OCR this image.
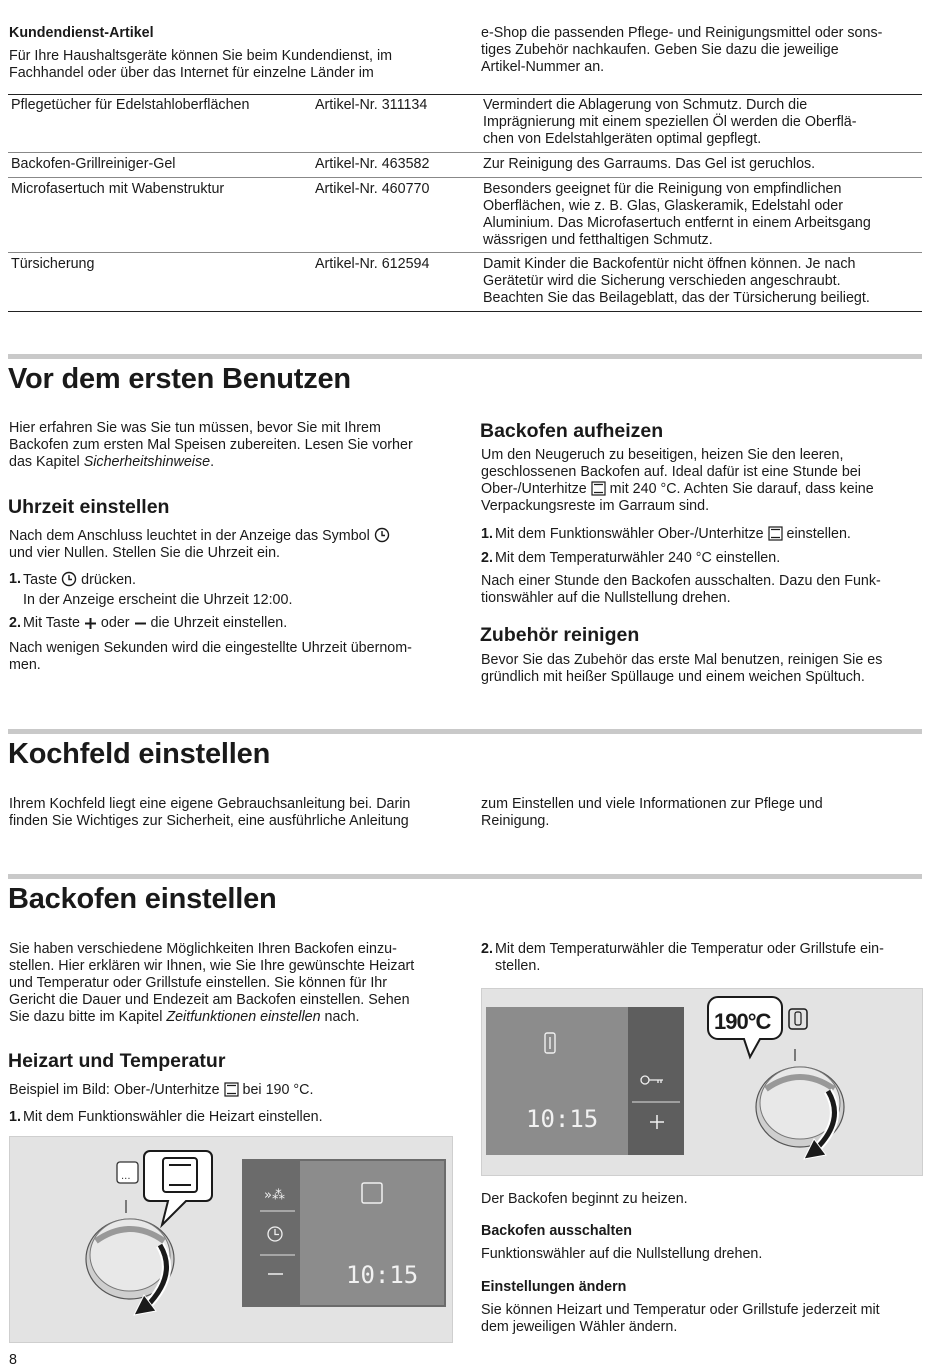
Kundendienst-Artikel

Für Ihre Haushaltsgeräte können Sie beim Kundendienst, im

Fachhandel oder über das Internet für einzelne Länder im

e-Shop die passenden Pflege- und Reinigungsmittel oder sons-

tiges Zubehör nachkaufen. Geben Sie dazu die jeweilige

Artikel-Nummer an.

Pflegetücher für Edelstahloberflächen	Artikel-Nr. 311134	Vermindert die Ablagerung von Schmutz. Durch die

Imprägnierung mit einem speziellen Öl werden die Oberflä-

chen von Edelstahlgeräten optimal gepflegt.

Backofen-Grillreiniger-Gel	Artikel-Nr. 463582	Zur Reinigung des Garraums. Das Gel ist geruchlos.

Microfasertuch mit Wabenstruktur	Artikel-Nr. 460770	Besonders geeignet für die Reinigung von empfindlichen

Oberflächen, wie z. B. Glas, Glaskeramik, Edelstahl oder

Aluminium. Das Microfasertuch entfernt in einem Arbeitsgang

wässrigen und fetthaltigen Schmutz.

Türsicherung	Artikel-Nr. 612594	Damit Kinder die Backofentür nicht öffnen können. Je nach

Gerätetür wird die Sicherung verschieden angeschraubt.

Beachten Sie das Beilageblatt, das der Türsicherung beiliegt.

Vor dem ersten Benutzen

Hier erfahren Sie was Sie tun müssen, bevor Sie mit Ihrem

Backofen zum ersten Mal Speisen zubereiten. Lesen Sie vorher

das Kapitel Sicherheitshinweise.

Uhrzeit einstellen

Nach dem Anschluss leuchtet in der Anzeige das Symbol

und vier Nullen. Stellen Sie die Uhrzeit ein.

1. Taste drücken.
In der Anzeige erscheint die Uhrzeit 12:00.
2. Mit Taste oder die Uhrzeit einstellen.

Nach wenigen Sekunden wird die eingestellte Uhrzeit übernom-

men.

Backofen aufheizen

Um den Neugeruch zu beseitigen, heizen Sie den leeren,

geschlossenen Backofen auf. Ideal dafür ist eine Stunde bei

Ober-/Unterhitze mit 240 °C. Achten Sie darauf, dass keine

Verpackungsreste im Garraum sind.

1. Mit dem Funktionswähler Ober-/Unterhitze einstellen.
2. Mit dem Temperaturwähler 240 °C einstellen.

Nach einer Stunde den Backofen ausschalten. Dazu den Funk-

tionswähler auf die Nullstellung drehen.

Zubehör reinigen

Bevor Sie das Zubehör das erste Mal benutzen, reinigen Sie es

gründlich mit heißer Spüllauge und einem weichen Spültuch.

Kochfeld einstellen

Ihrem Kochfeld liegt eine eigene Gebrauchsanleitung bei. Darin

finden Sie Wichtiges zur Sicherheit, eine ausführliche Anleitung

zum Einstellen und viele Informationen zur Pflege und

Reinigung.

Backofen einstellen

Sie haben verschiedene Möglichkeiten Ihren Backofen einzu-

stellen. Hier erklären wir Ihnen, wie Sie Ihre gewünschte Heizart

und Temperatur oder Grillstufe einstellen. Sie können für Ihr

Gericht die Dauer und Endezeit am Backofen einstellen. Sehen

Sie dazu bitte im Kapitel Zeitfunktionen einstellen nach.

Heizart und Temperatur
Beispiel im Bild: Ober-/Unterhitze bei 190 °C.
1. Mit dem Funktionswähler die Heizart einstellen.
...
»⁂
10:15
2. Mit dem Temperaturwähler die Temperatur oder Grillstufe ein-

stellen.

190°C
10:15
Der Backofen beginnt zu heizen.
Backofen ausschalten
Funktionswähler auf die Nullstellung drehen.
Einstellungen ändern

Sie können Heizart und Temperatur oder Grillstufe jederzeit mit

dem jeweiligen Wähler ändern.

8
